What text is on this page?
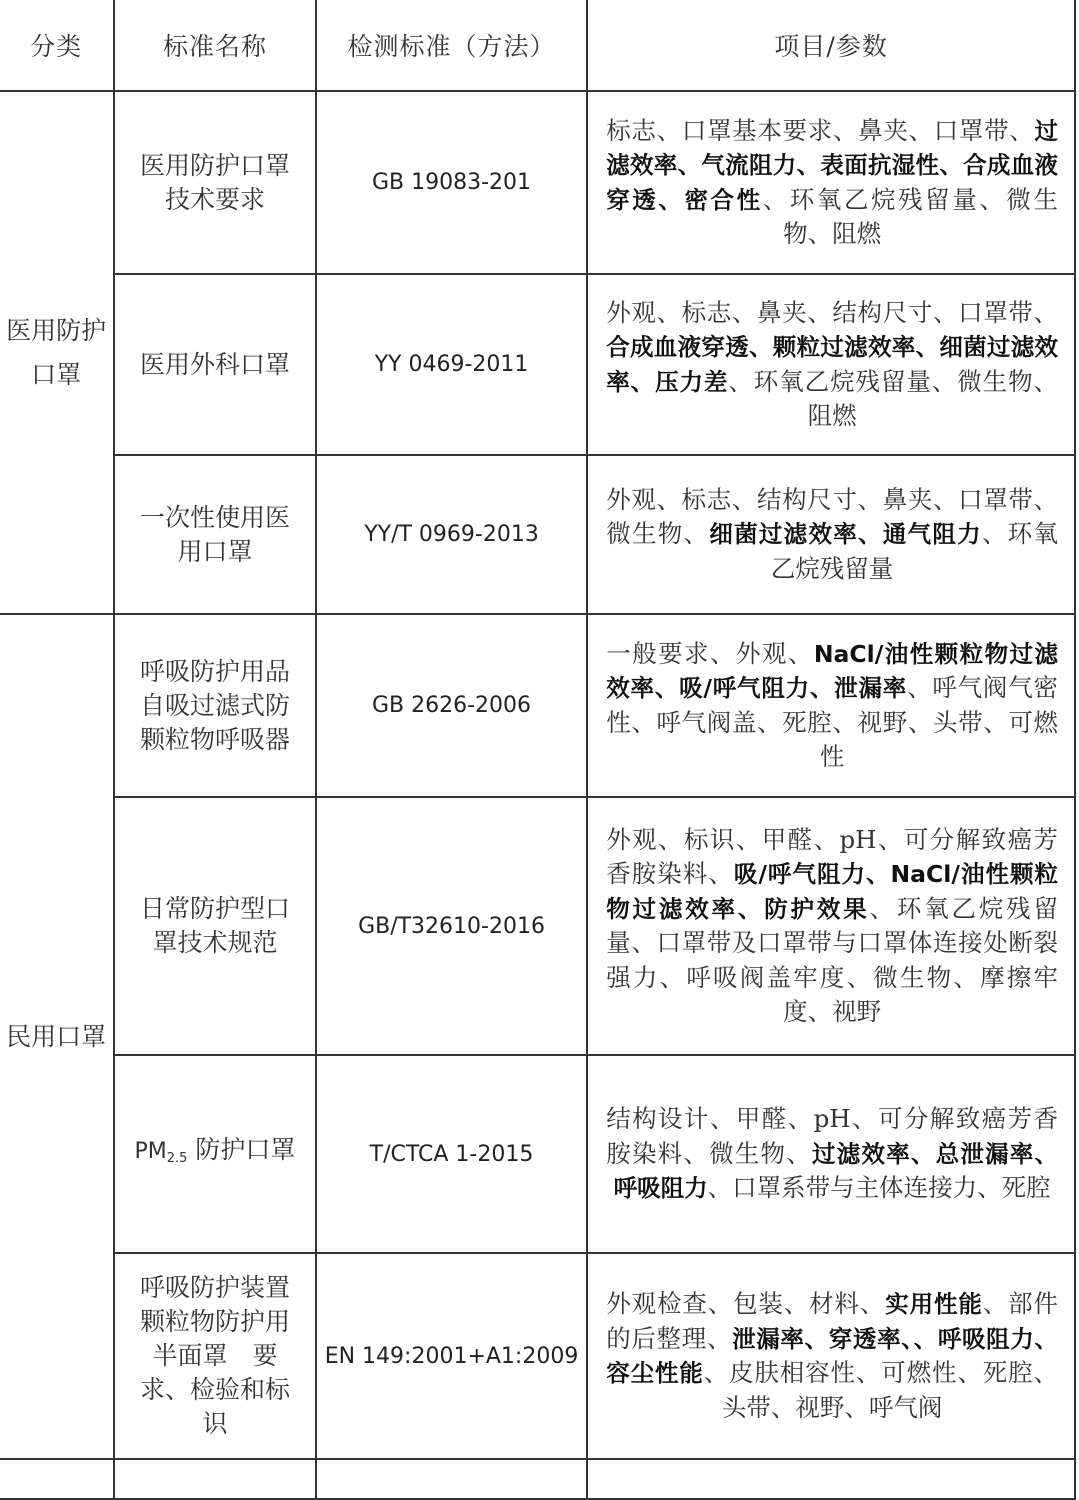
分类	标准名称	检测标准（方法）	项目/参数
医用防护口罩	医用防护口罩技术要求	GB 19083-201	标志、口罩基本要求、鼻夹、口罩带、过滤效率、气流阻力、表面抗湿性、合成血液穿透、密合性、环氧乙烷残留量、微生物、阻燃
	医用外科口罩	YY 0469-2011	外观、标志、鼻夹、结构尺寸、口罩带、合成血液穿透、颗粒过滤效率、细菌过滤效率、压力差、环氧乙烷残留量、微生物、阻燃
	一次性使用医用口罩	YY/T 0969-2013	外观、标志、结构尺寸、鼻夹、口罩带、微生物、细菌过滤效率、通气阻力、环氧乙烷残留量
民用口罩	呼吸防护用品自吸过滤式防颗粒物呼吸器	GB 2626-2006	一般要求、外观、NaCl/油性颗粒物过滤效率、吸/呼气阻力、泄漏率、呼气阀气密性、呼气阀盖、死腔、视野、头带、可燃性
	日常防护型口罩技术规范	GB/T32610-2016	外观、标识、甲醛、pH、可分解致癌芳香胺染料、吸/呼气阻力、NaCl/油性颗粒物过滤效率、防护效果、环氧乙烷残留量、口罩带及口罩带与口罩体连接处断裂强力、呼吸阀盖牢度、微生物、摩擦牢度、视野
	$PM_{2.5}$ 防护口罩	T/CTCA 1-2015	结构设计、甲醛、pH、可分解致癌芳香胺染料、微生物、过滤效率、总泄漏率、呼吸阻力、口罩系带与主体连接力、死腔
	呼吸防护装置颗粒物防护用半面罩　要求、检验和标识	EN 149:2001+A1:2009	外观检查、包装、材料、实用性能、部件的后整理、泄漏率、穿透率、、呼吸阻力、容尘性能、皮肤相容性、可燃性、死腔、头带、视野、呼气阀
